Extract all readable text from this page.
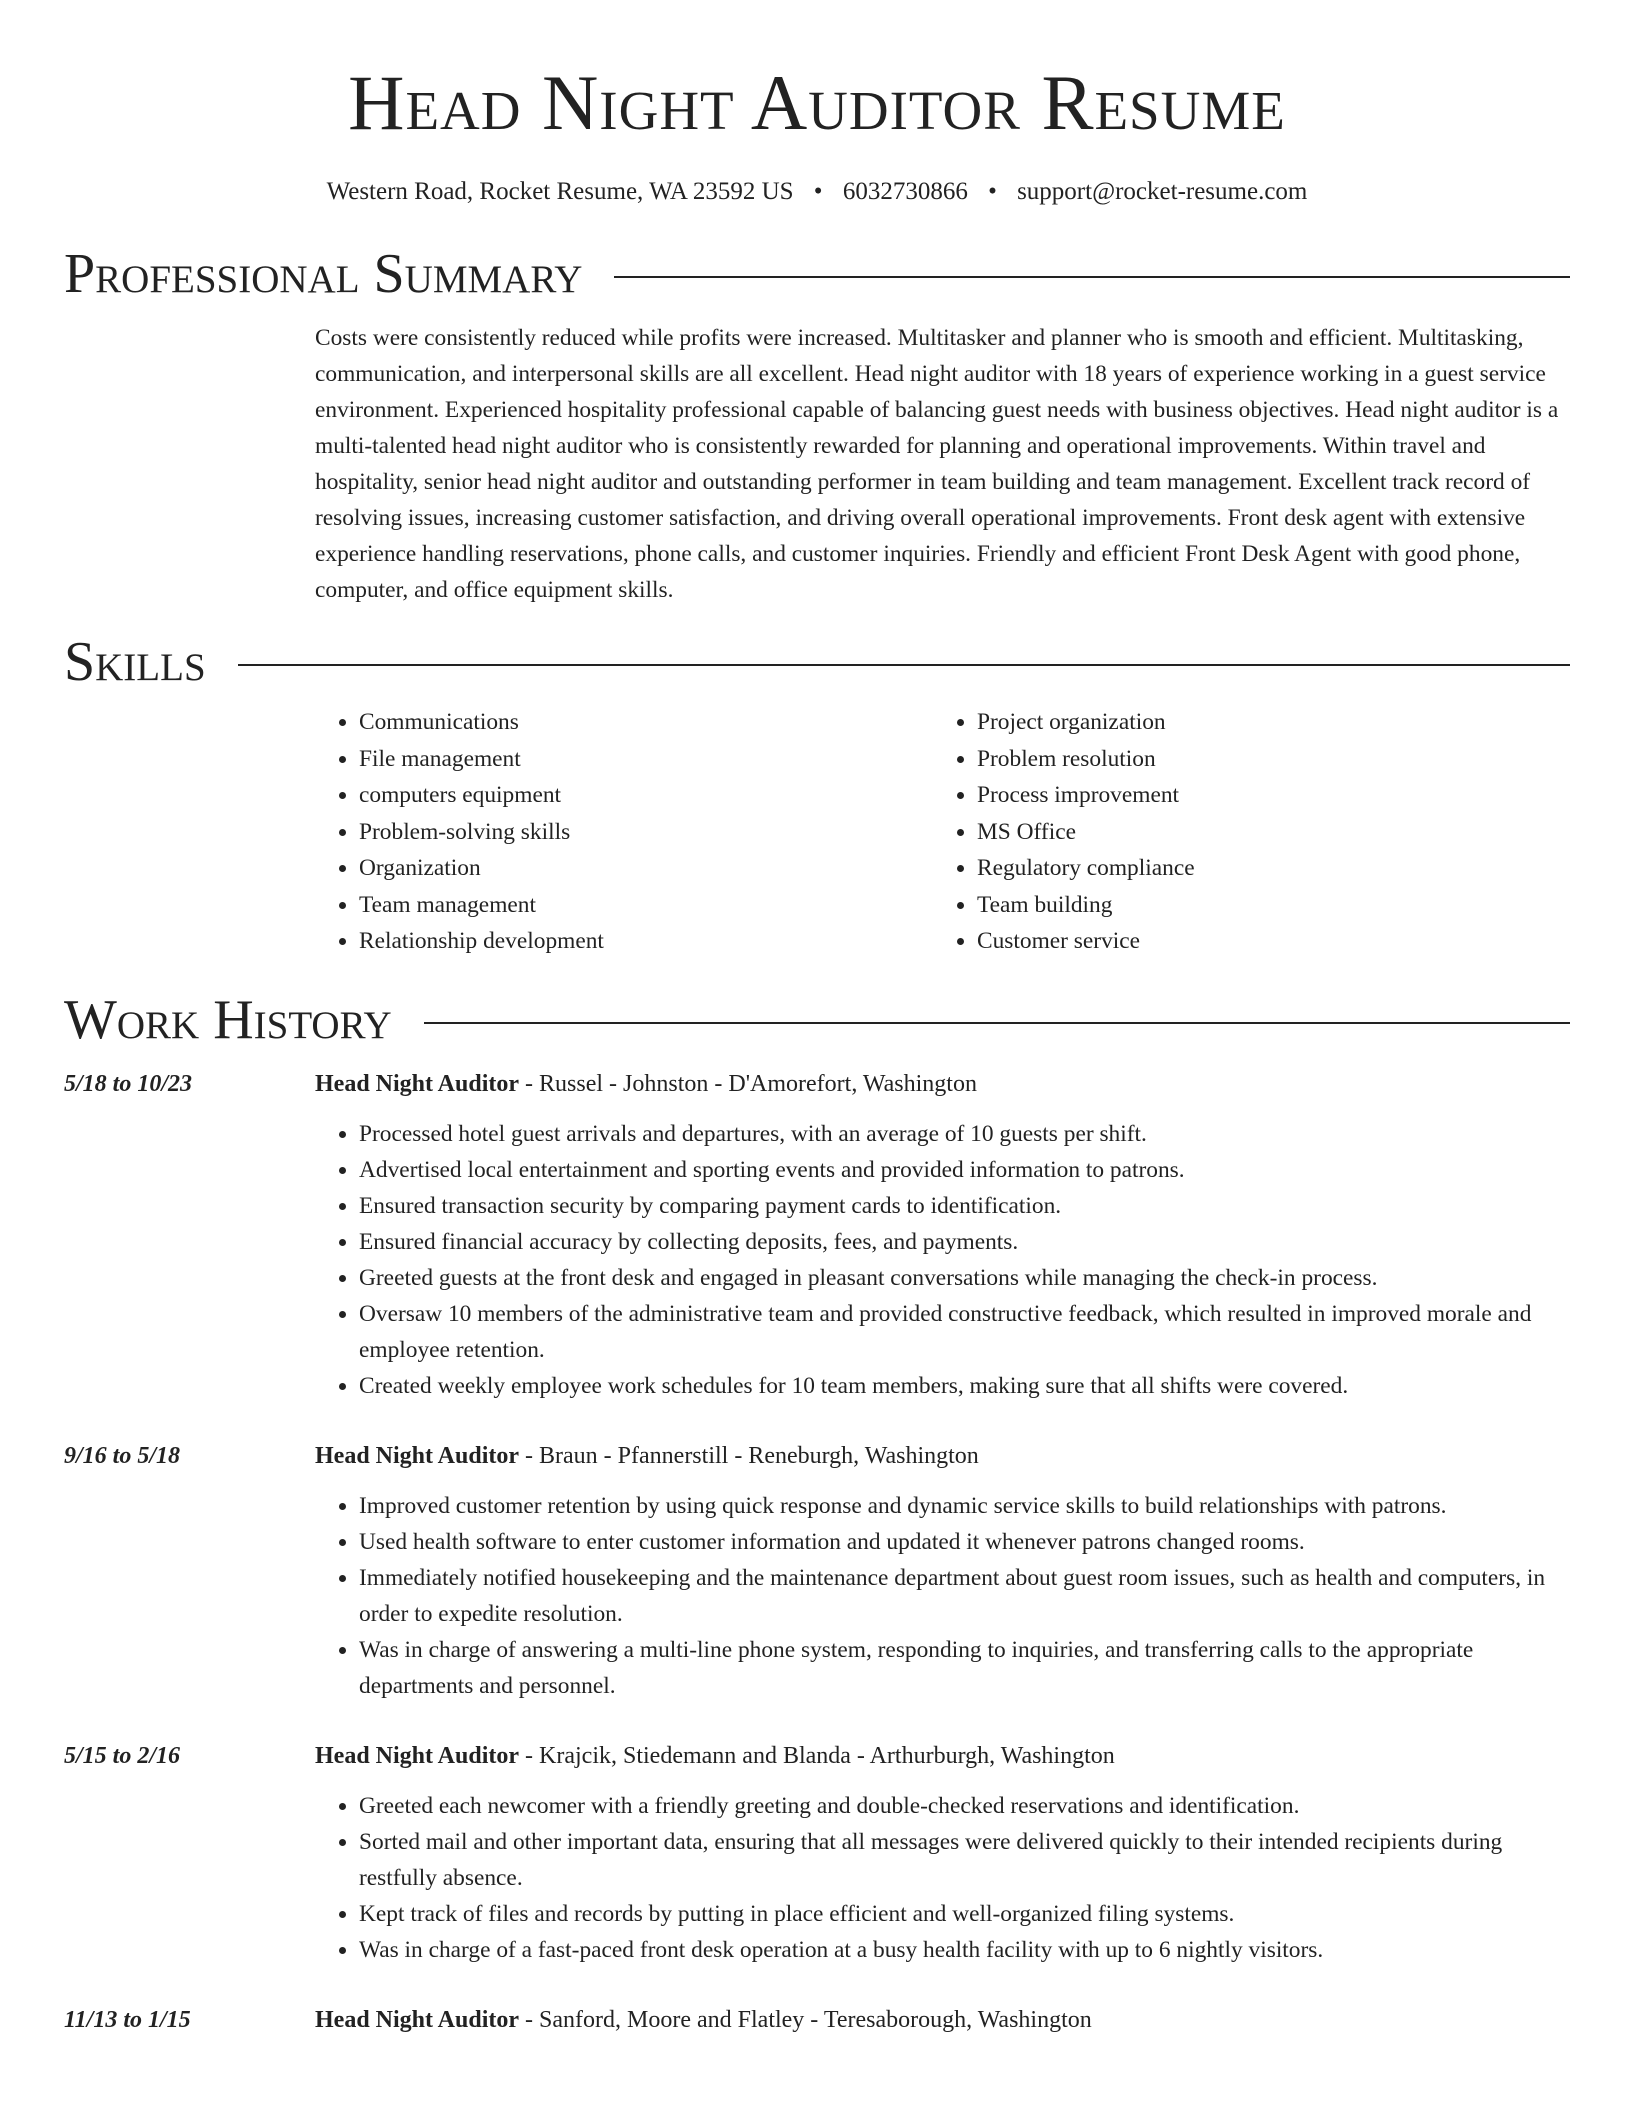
Head Night Auditor Resume
Western Road, Rocket Resume, WA 23592 US • 6032730866 • support@rocket-resume.com
Professional Summary
Costs were consistently reduced while profits were increased. Multitasker and planner who is smooth and efficient. Multitasking, communication, and interpersonal skills are all excellent. Head night auditor with 18 years of experience working in a guest service environment. Experienced hospitality professional capable of balancing guest needs with business objectives. Head night auditor is a multi-talented head night auditor who is consistently rewarded for planning and operational improvements. Within travel and hospitality, senior head night auditor and outstanding performer in team building and team management. Excellent track record of resolving issues, increasing customer satisfaction, and driving overall operational improvements. Front desk agent with extensive experience handling reservations, phone calls, and customer inquiries. Friendly and efficient Front Desk Agent with good phone, computer, and office equipment skills.
Skills
• Communications
• File management
• computers equipment
• Problem-solving skills
• Organization
• Team management
• Relationship development
• Project organization
• Problem resolution
• Process improvement
• MS Office
• Regulatory compliance
• Team building
• Customer service
Work History
5/18 to 10/23	Head Night Auditor - Russel - Johnston - D'Amorefort, Washington
• Processed hotel guest arrivals and departures, with an average of 10 guests per shift.
• Advertised local entertainment and sporting events and provided information to patrons.
• Ensured transaction security by comparing payment cards to identification.
• Ensured financial accuracy by collecting deposits, fees, and payments.
• Greeted guests at the front desk and engaged in pleasant conversations while managing the check-in process.
• Oversaw 10 members of the administrative team and provided constructive feedback, which resulted in improved morale and employee retention.
• Created weekly employee work schedules for 10 team members, making sure that all shifts were covered.
9/16 to 5/18	Head Night Auditor - Braun - Pfannerstill - Reneburgh, Washington
• Improved customer retention by using quick response and dynamic service skills to build relationships with patrons.
• Used health software to enter customer information and updated it whenever patrons changed rooms.
• Immediately notified housekeeping and the maintenance department about guest room issues, such as health and computers, in order to expedite resolution.
• Was in charge of answering a multi-line phone system, responding to inquiries, and transferring calls to the appropriate departments and personnel.
5/15 to 2/16	Head Night Auditor - Krajcik, Stiedemann and Blanda - Arthurburgh, Washington
• Greeted each newcomer with a friendly greeting and double-checked reservations and identification.
• Sorted mail and other important data, ensuring that all messages were delivered quickly to their intended recipients during restfully absence.
• Kept track of files and records by putting in place efficient and well-organized filing systems.
• Was in charge of a fast-paced front desk operation at a busy health facility with up to 6 nightly visitors.
11/13 to 1/15	Head Night Auditor - Sanford, Moore and Flatley - Teresaborough, Washington
